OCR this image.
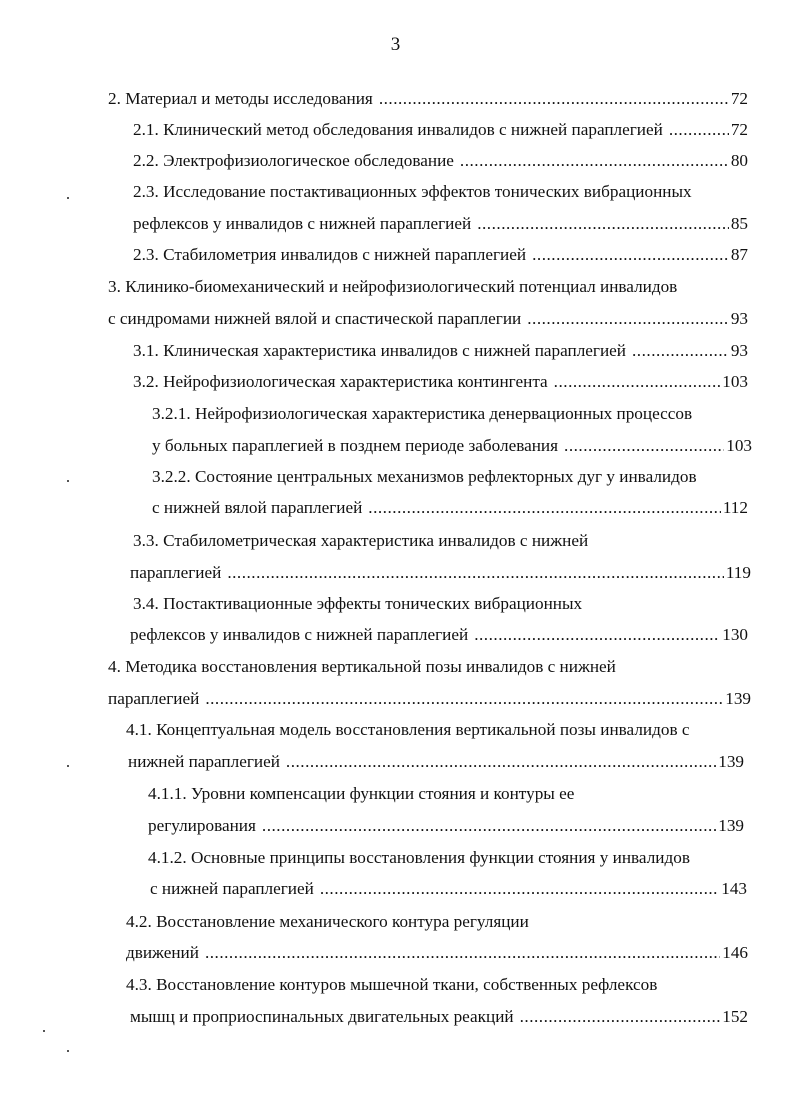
3
2. Материал и методы исследования .....	72
2.1. Клинический метод обследования инвалидов с нижней параплегией .....	72
2.2. Электрофизиологическое обследование .....	80
2.3. Исследование постактивационных эффектов тонических вибрационных
рефлексов у инвалидов с нижней параплегией .....	85
2.3. Стабилометрия инвалидов с нижней параплегией .....	87
3. Клинико-биомеханический и нейрофизиологический потенциал инвалидов
с синдромами нижней вялой и спастической параплегии .....	93
3.1. Клиническая характеристика инвалидов с нижней параплегией .....	93
3.2. Нейрофизиологическая характеристика контингента .....	103
3.2.1. Нейрофизиологическая характеристика денервационных процессов
у больных параплегией в позднем периоде заболевания .....	103
3.2.2. Состояние центральных механизмов рефлекторных дуг у инвалидов
с нижней вялой параплегией .....	112
3.3. Стабилометрическая характеристика инвалидов с нижней
параплегией .....	119
3.4. Постактивационные эффекты тонических вибрационных
рефлексов у инвалидов с нижней параплегией .....	130
4. Методика восстановления вертикальной позы инвалидов с нижней
параплегией .....	139
4.1. Концептуальная модель восстановления вертикальной позы инвалидов с
нижней параплегией .....	139
4.1.1. Уровни компенсации функции стояния и контуры ее
регулирования .....	139
4.1.2. Основные принципы восстановления функции стояния у инвалидов
с нижней параплегией .....	143
4.2. Восстановление механического контура регуляции
движений .....	146
4.3. Восстановление контуров мышечной ткани, собственных рефлексов
мышц и проприоспинальных двигательных реакций .....	152
